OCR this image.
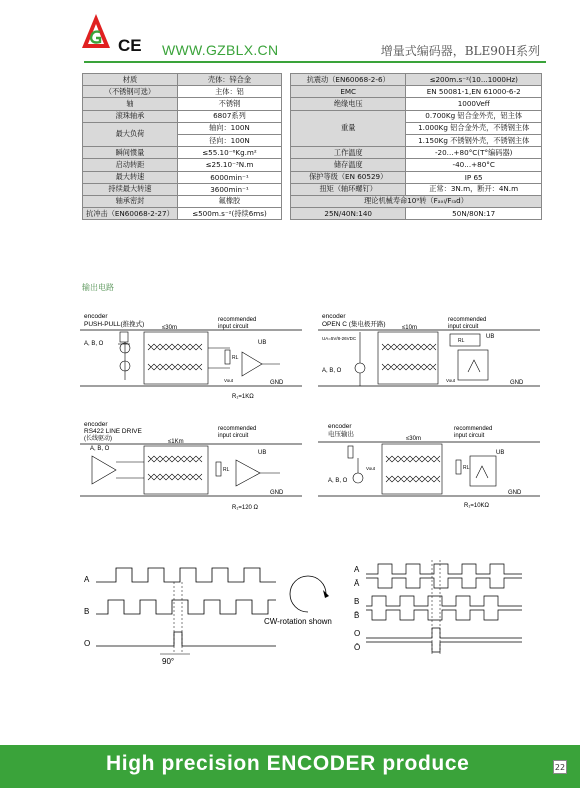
CE WWW.GZBLX.CN	增量式编码器，BLE90H系列
材质	壳体：锌合金
（不锈钢可选）	主体：铝
轴	不锈钢
滚珠轴承	6807系列
最大负荷	轴向：100N
	径向：100N
瞬间惯量	≤55.10⁻⁶Kg.m²
启动转距	≤25.10⁻³N.m
最大转速	6000min⁻¹
持续最大转速	3600min⁻¹
轴承密封	氟橡胶
抗冲击（EN60068-2-27）	≤500m.s⁻²(持续6ms)
抗震动（EN60068-2-6）	≤200m.s⁻²(10...1000Hz)
EMC	EN 50081-1,EN 61000-6-2
绝缘电压	1000Veff
重量	0.700Kg 铝合金外壳，铝主体
	1.000Kg 铝合金外壳，不锈钢主体
	1.150Kg 不锈钢外壳，不锈钢主体
工作温度	-20...+80°C(T°编码器)
储存温度	-40...+80°C
保护等级（EN 60529）	IP 65
扭矩（轴环螺钉）	正常：3N.m，断开：4N.m
理论机械寿命10⁹转（Fₐₓₗ/Fᵣₐd）	
25N/40N:140	50N/80N:17
输出电路
encoder
PUSH-PULL(推挽式)
A, B, O
≤30m
recommended
input circuit
RL
UB
Vout	GND
R₁=1KΩ
encoder
OPEN C (集电极开路)
UA=5V/8-26VDC
A, B, O
≤10m
recommended
input circuit
RL
UB
Vout	GND
encoder
RS422 LINE DRIVE
(长线驱动)
A, B, O
≤1Km
recommended
input circuit
RL
UB
GND
R₁=120 Ω
encoder
电压输出
A, B, O
Vout
≤30m
recommended
input circuit
RL
UB
GND
R₁=10KΩ
A
B
O
90°
CW-rotation shown
A
Ā
B
B̄
O
Ō
High precision ENCODER produce	22
